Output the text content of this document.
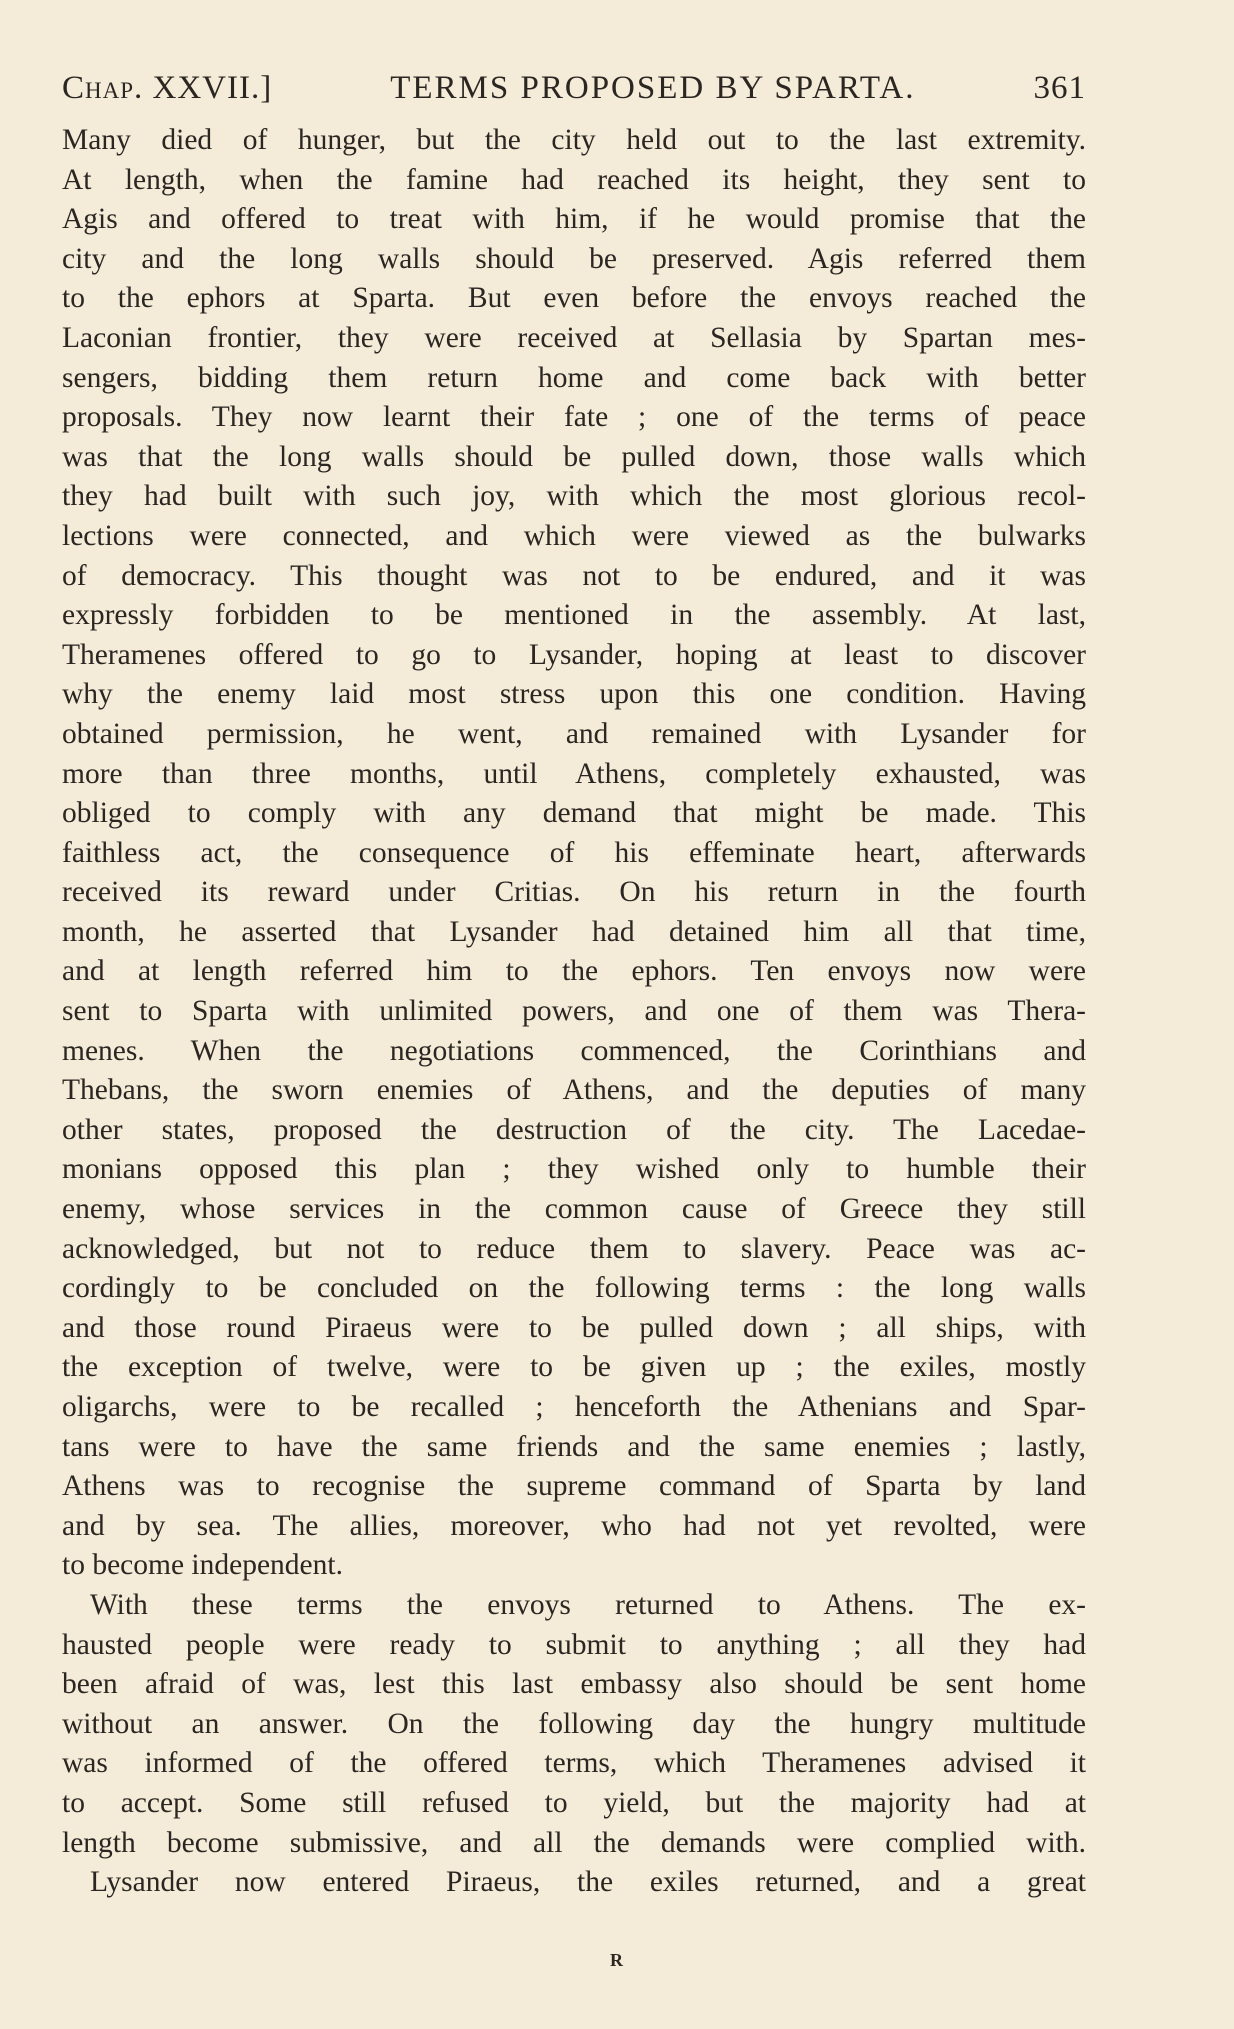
Chap. XXVII.]	TERMS PROPOSED BY SPARTA.	361
Many died of hunger, but the city held out to the last extremity.
At length, when the famine had reached its height, they sent to
Agis and offered to treat with him, if he would promise that the
city and the long walls should be preserved. Agis referred them
to the ephors at Sparta. But even before the envoys reached the
Laconian frontier, they were received at Sellasia by Spartan mes-
sengers, bidding them return home and come back with better
proposals. They now learnt their fate ; one of the terms of peace
was that the long walls should be pulled down, those walls which
they had built with such joy, with which the most glorious recol-
lections were connected, and which were viewed as the bulwarks
of democracy. This thought was not to be endured, and it was
expressly forbidden to be mentioned in the assembly. At last,
Theramenes offered to go to Lysander, hoping at least to discover
why the enemy laid most stress upon this one condition. Having
obtained permission, he went, and remained with Lysander for
more than three months, until Athens, completely exhausted, was
obliged to comply with any demand that might be made. This
faithless act, the consequence of his effeminate heart, afterwards
received its reward under Critias. On his return in the fourth
month, he asserted that Lysander had detained him all that time,
and at length referred him to the ephors. Ten envoys now were
sent to Sparta with unlimited powers, and one of them was Thera-
menes. When the negotiations commenced, the Corinthians and
Thebans, the sworn enemies of Athens, and the deputies of many
other states, proposed the destruction of the city. The Lacedae-
monians opposed this plan ; they wished only to humble their
enemy, whose services in the common cause of Greece they still
acknowledged, but not to reduce them to slavery. Peace was ac-
cordingly to be concluded on the following terms : the long walls
and those round Piraeus were to be pulled down ; all ships, with
the exception of twelve, were to be given up ; the exiles, mostly
oligarchs, were to be recalled ; henceforth the Athenians and Spar-
tans were to have the same friends and the same enemies ; lastly,
Athens was to recognise the supreme command of Sparta by land
and by sea. The allies, moreover, who had not yet revolted, were
to become independent.
With these terms the envoys returned to Athens. The ex-
hausted people were ready to submit to anything ; all they had
been afraid of was, lest this last embassy also should be sent home
without an answer. On the following day the hungry multitude
was informed of the offered terms, which Theramenes advised it
to accept. Some still refused to yield, but the majority had at
length become submissive, and all the demands were complied with.
Lysander now entered Piraeus, the exiles returned, and a great
R
